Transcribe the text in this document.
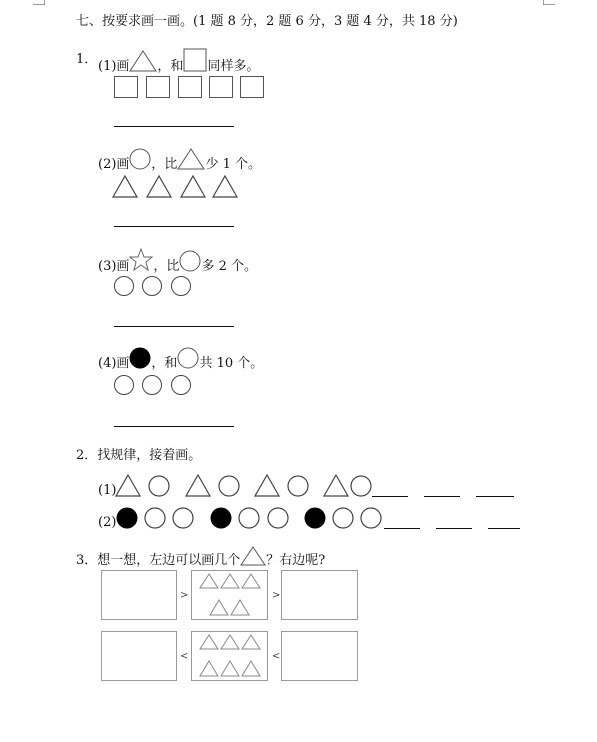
七、按要求画一画。(1 题 8 分，2 题 6 分，3 题 4 分，共 18 分)
1． (1)画 ，和 同样多。
(2)画 ，比 少 1 个。
(3)画 ，比 多 2 个。
(4)画 ，和 共 10 个。
2．找规律，接着画。
(1)
(2)
3．想一想，左边可以画几个 ？右边呢?
>	>
<	<
